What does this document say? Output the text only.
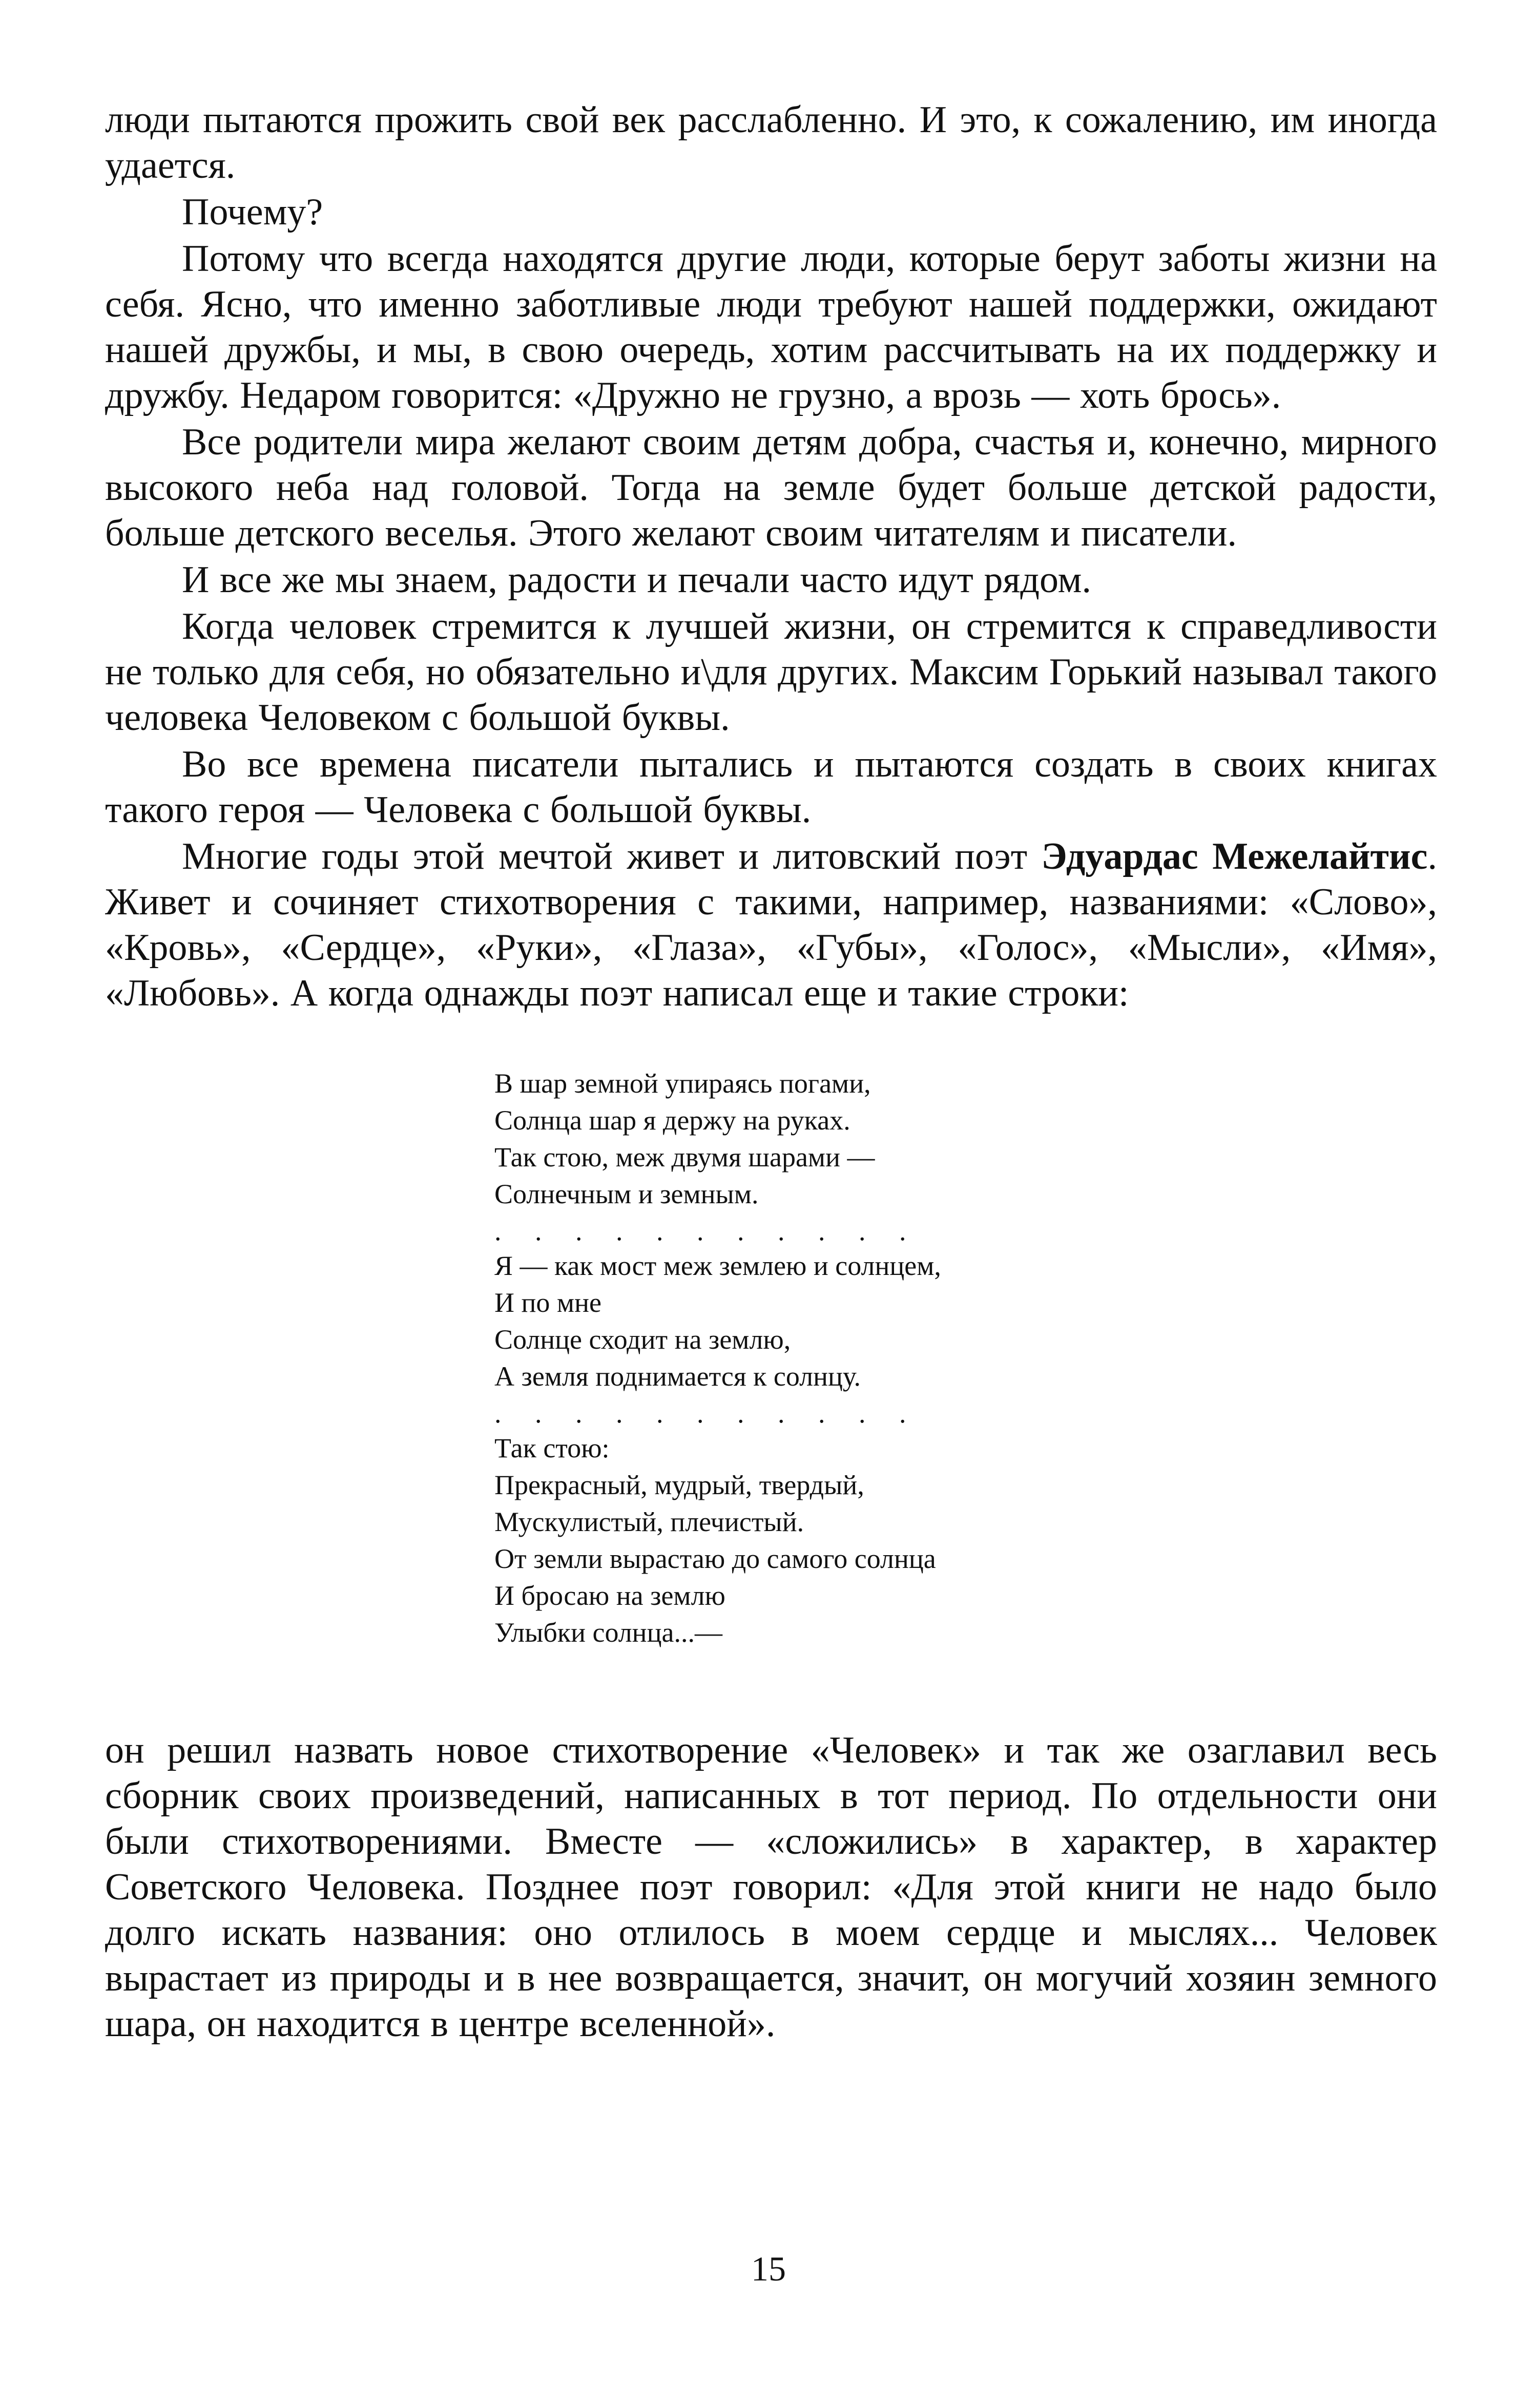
люди пытаются прожить свой век расслабленно. И это, к сожалению, им иногда удается.

Почему?

Потому что всегда находятся другие люди, которые берут заботы жизни на себя. Ясно, что именно заботливые люди требуют нашей поддержки, ожидают нашей дружбы, и мы, в свою очередь, хотим рассчитывать на их поддержку и дружбу. Недаром говорится: «Дружно не грузно, а врозь — хоть брось».

Все родители мира желают своим детям добра, счастья и, конечно, мирного высокого неба над головой. Тогда на земле будет больше детской радости, больше детского веселья. Этого желают своим читателям и писатели.

И все же мы знаем, радости и печали часто идут рядом.

Когда человек стремится к лучшей жизни, он стремится к справедливости не только для себя, но обязательно и\для других. Максим Горький называл такого человека Человеком с большой буквы.

Во все времена писатели пытались и пытаются создать в своих книгах такого героя — Человека с большой буквы.

Многие годы этой мечтой живет и литовский поэт Эдуардас Межелайтис. Живет и сочиняет стихотворения с такими, например, названиями: «Слово», «Кровь», «Сердце», «Руки», «Глаза», «Губы», «Голос», «Мысли», «Имя», «Любовь». А когда однажды поэт написал еще и такие строки:

В шар земной упираясь погами,
Солнца шар я держу на руках.
Так стою, меж двумя шарами —
Солнечным и земным.
. . . . . . . . . . .
Я — как мост меж землею и солнцем,
И по мне
Солнце сходит на землю,
А земля поднимается к солнцу.
. . . . . . . . . . .
Так стою:
Прекрасный, мудрый, твердый,
Мускулистый, плечистый.
От земли вырастаю до самого солнца
И бросаю на землю
Улыбки солнца...—

он решил назвать новое стихотворение «Человек» и так же озаглавил весь сборник своих произведений, написанных в тот период. По отдельности они были стихотворениями. Вместе — «сложились» в характер, в характер Советского Человека. Позднее поэт говорил: «Для этой книги не надо было долго искать названия: оно отлилось в моем сердце и мыслях... Человек вырастает из природы и в нее возвращается, значит, он могучий хозяин земного шара, он находится в центре вселенной».

15
